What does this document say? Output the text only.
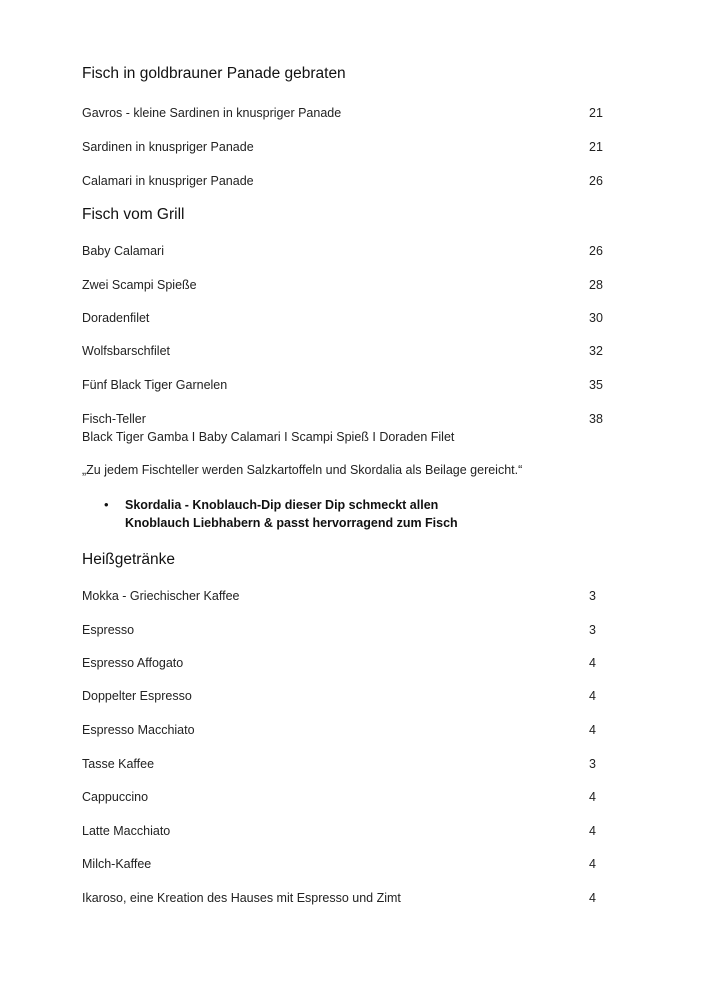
Fisch in goldbrauner Panade gebraten
Gavros - kleine Sardinen in knuspriger Panade	21
Sardinen in knuspriger Panade	21
Calamari in knuspriger Panade	26
Fisch vom Grill
Baby Calamari	26
Zwei Scampi Spieße	28
Doradenfilet	30
Wolfsbarschfilet	32
Fünf Black Tiger Garnelen	35
Fisch-Teller	38
Black Tiger Gamba I Baby Calamari I Scampi Spieß I Doraden Filet
„Zu jedem Fischteller werden Salzkartoffeln und Skordalia als Beilage gereicht.“
• Skordalia - Knoblauch-Dip dieser Dip schmeckt allen
Knoblauch Liebhabern & passt hervorragend zum Fisch
Heißgetränke
Mokka - Griechischer Kaffee	3
Espresso	3
Espresso Affogato	4
Doppelter Espresso	4
Espresso Macchiato	4
Tasse Kaffee	3
Cappuccino	4
Latte Macchiato	4
Milch-Kaffee	4
Ikaroso, eine Kreation des Hauses mit Espresso und Zimt	4
